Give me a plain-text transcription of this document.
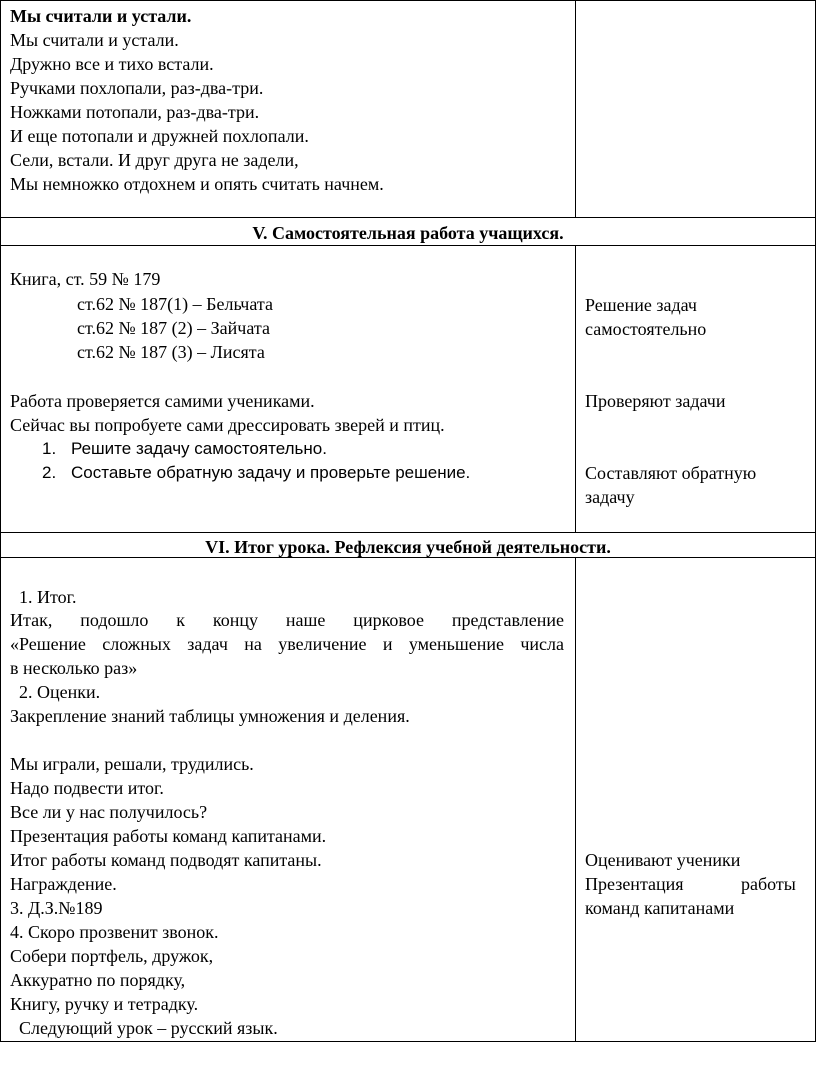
Мы считали и устали.
Мы считали и устали.
Дружно все и тихо встали.
Ручками похлопали, раз-два-три.
Ножками потопали, раз-два-три.
И еще потопали и дружней похлопали.
Сели, встали. И друг друга не задели,
Мы немножко отдохнем и опять считать начнем.
V. Самостоятельная работа учащихся.
Книга, ст. 59 № 179
ст.62 № 187(1) – Бельчата
ст.62 № 187 (2) – Зайчата
ст.62 № 187 (3) – Лисята
Работа проверяется самими учениками.
Сейчас вы попробуете сами дрессировать зверей и птиц.
1. Решите задачу самостоятельно.
2. Составьте обратную задачу и проверьте решение.
Решение задач
самостоятельно
Проверяют задачи
Составляют обратную
задачу
VI. Итог урока. Рефлексия учебной деятельности.
1. Итог.
Итак, подошло к концу наше цирковое представление
«Решение сложных задач на увеличение и уменьшение числа
в несколько раз»
2. Оценки.
Закрепление знаний таблицы умножения и деления.
Мы играли, решали, трудились.
Надо подвести итог.
Все ли у нас получилось?
Презентация работы команд капитанами.
Итог работы команд подводят капитаны.
Награждение.
3. Д.З.№189
4. Скоро прозвенит звонок.
Собери портфель, дружок,
Аккуратно по порядку,
Книгу, ручку и тетрадку.
Следующий урок – русский язык.
Оценивают ученики
Презентация	работы
команд капитанами
